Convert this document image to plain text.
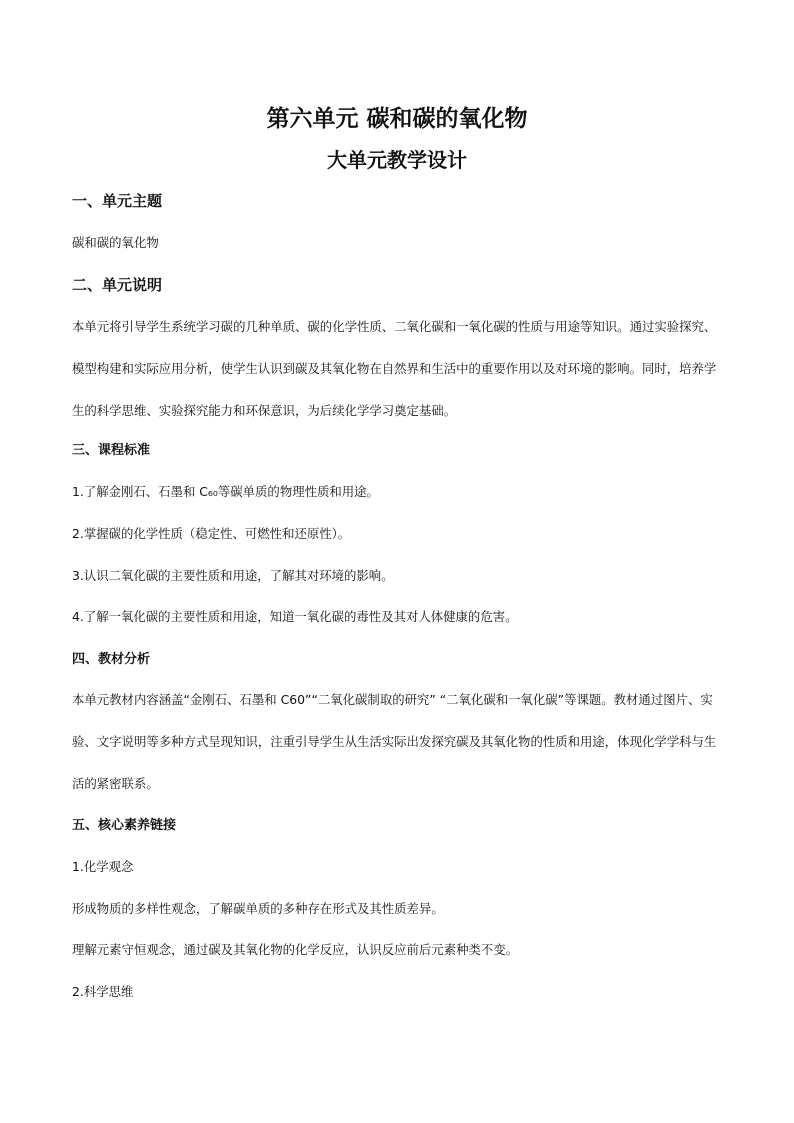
第六单元 碳和碳的氧化物
大单元教学设计
一、单元主题

碳和碳的氧化物

二、单元说明

本单元将引导学生系统学习碳的几种单质、碳的化学性质、二氧化碳和一氧化碳的性质与用途等知识。通过实验探究、模型构建和实际应用分析，使学生认识到碳及其氧化物在自然界和生活中的重要作用以及对环境的影响。同时，培养学生的科学思维、实验探究能力和环保意识，为后续化学学习奠定基础。

三、课程标准

1.了解金刚石、石墨和 C₆₀等碳单质的物理性质和用途。

2.掌握碳的化学性质（稳定性、可燃性和还原性）。

3.认识二氧化碳的主要性质和用途，了解其对环境的影响。

4.了解一氧化碳的主要性质和用途，知道一氧化碳的毒性及其对人体健康的危害。

四、教材分析

本单元教材内容涵盖“金刚石、石墨和 C60”“二氧化碳制取的研究” “二氧化碳和一氧化碳”等课题。教材通过图片、实验、文字说明等多种方式呈现知识，注重引导学生从生活实际出发探究碳及其氧化物的性质和用途，体现化学学科与生活的紧密联系。

五、核心素养链接

1.化学观念

形成物质的多样性观念，了解碳单质的多种存在形式及其性质差异。

理解元素守恒观念，通过碳及其氧化物的化学反应，认识反应前后元素种类不变。

2.科学思维
